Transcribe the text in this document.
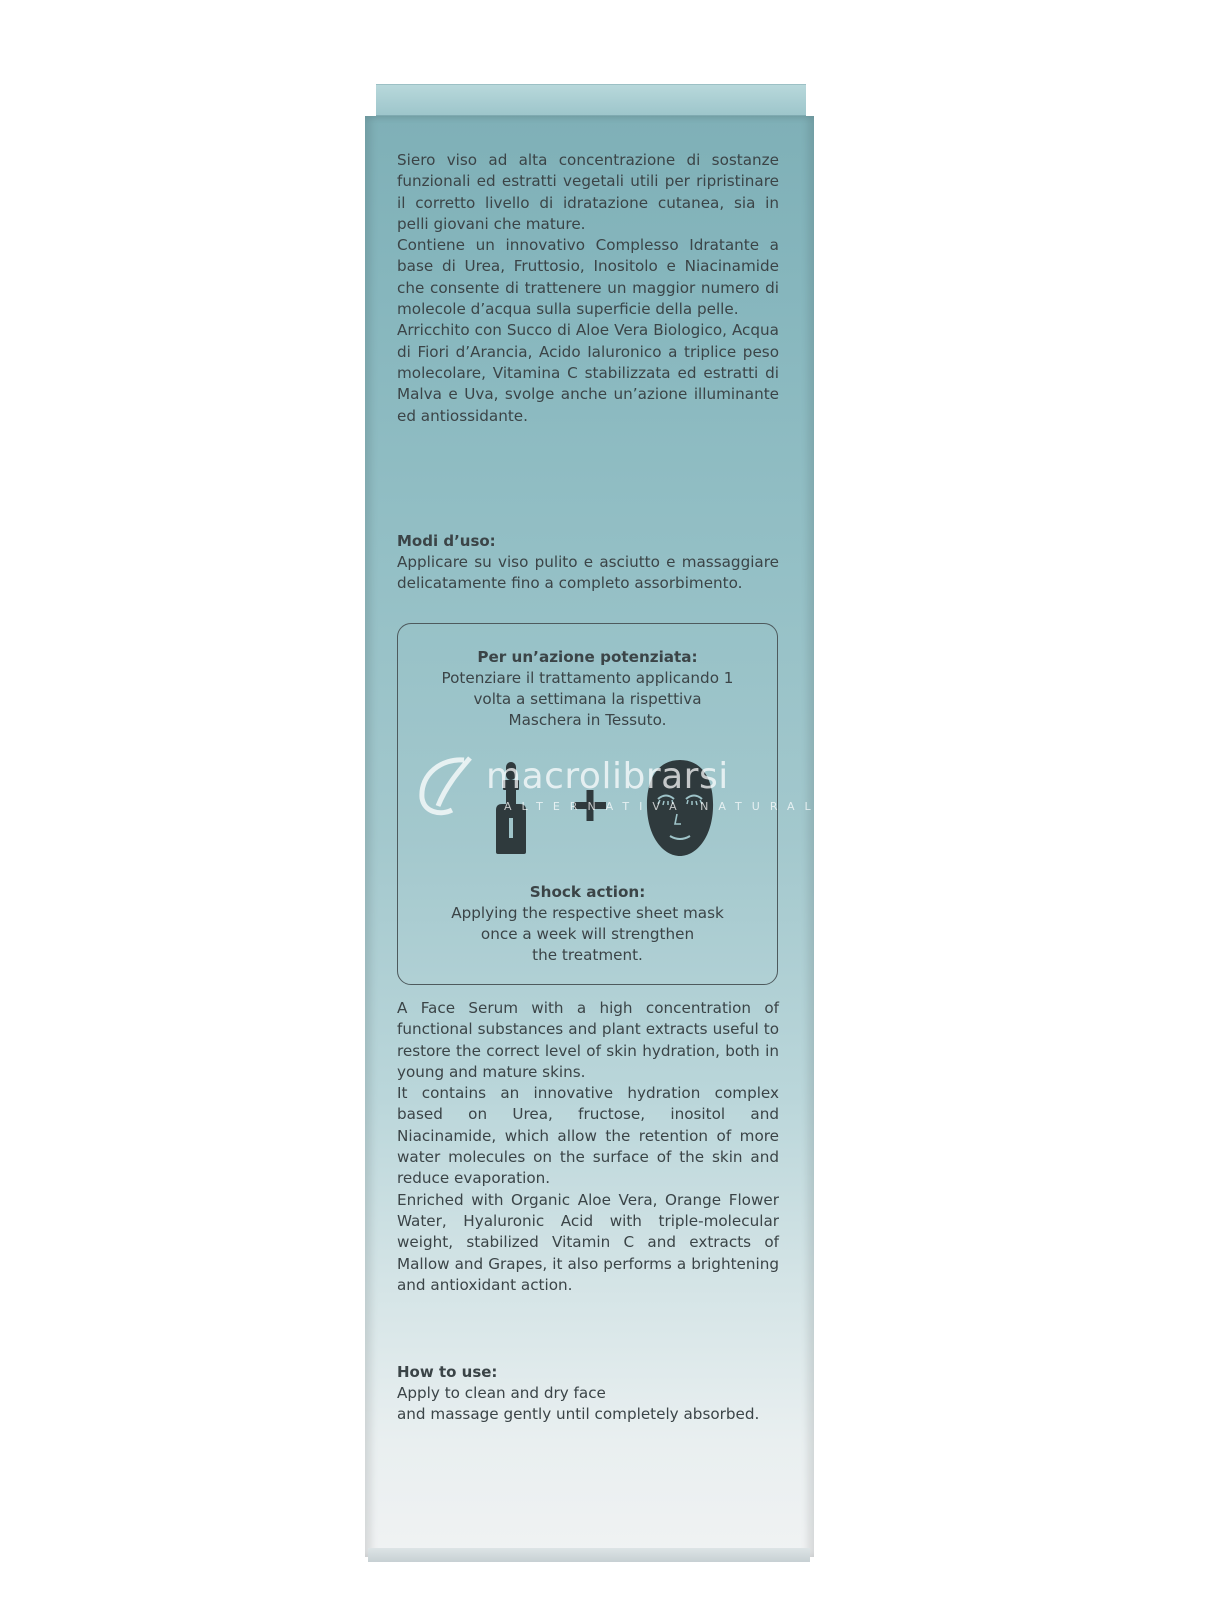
Siero viso ad alta concentrazione di sostanze funzionali ed estratti vegetali utili per ripristinare il corretto livello di idratazione cutanea, sia in pelli giovani che mature.

Contiene un innovativo Complesso Idratante a base di Urea, Fruttosio, Inositolo e Niacinamide che consente di trattenere un maggior numero di molecole d’acqua sulla superficie della pelle.

Arricchito con Succo di Aloe Vera Biologico, Acqua di Fiori d’Arancia, Acido Ialuronico a triplice peso molecolare, Vitamina C stabilizzata ed estratti di Malva e Uva, svolge anche un’azione illuminante ed antiossidante.

Modi d’uso:

Applicare su viso pulito e asciutto e massaggiare delicatamente fino a completo assorbimento.

Per un’azione potenziata:
Potenziare il trattamento applicando 1
volta a settimana la rispettiva
Maschera in Tessuto.
Shock action:
Applying the respective sheet mask
once a week will strengthen
the treatment.
macrolibrarsi
ALTERNATIVA NATURALE

A Face Serum with a high concentration of functional substances and plant extracts useful to restore the correct level of skin hydration, both in young and mature skins.

It contains an innovative hydration complex based on Urea, fructose, inositol and Niacinamide, which allow the retention of more water molecules on the surface of the skin and reduce evaporation.

Enriched with Organic Aloe Vera, Orange Flower Water, Hyaluronic Acid with triple-molecular weight, stabilized Vitamin C and extracts of Mallow and Grapes, it also performs a brightening and antioxidant action.

How to use:

Apply to clean and dry face

and massage gently until completely absorbed.
